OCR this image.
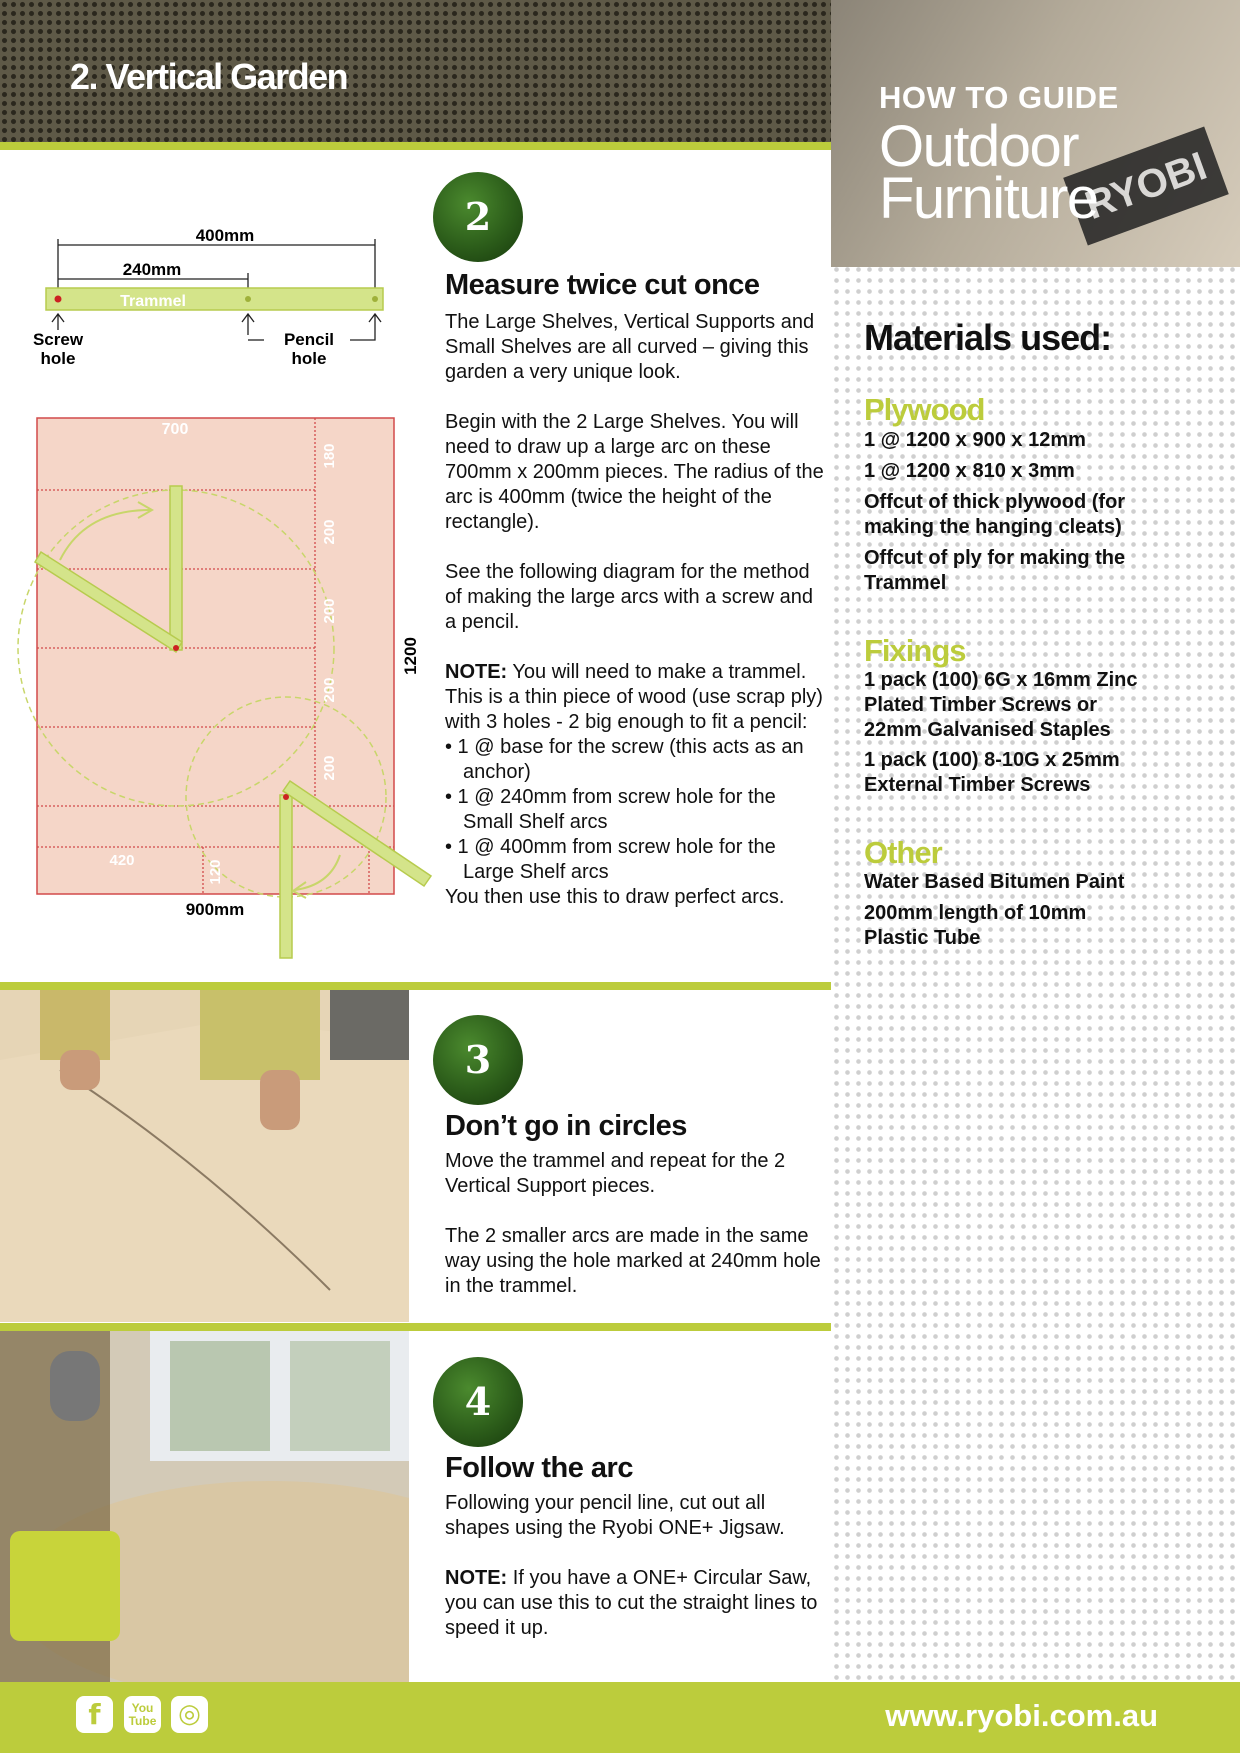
2. Vertical Garden
RYOBI
HOW TO GUIDE
Outdoor
Furniture
Materials used:
Plywood
1 @ 1200 x 900 x 12mm
1 @ 1200 x 810 x 3mm
Offcut of thick plywood (for making the hanging cleats)
Offcut of ply for making the Trammel
Fixings
1 pack (100) 6G x 16mm Zinc Plated Timber Screws or 22mm Galvanised Staples
1 pack (100) 8-10G x 25mm External Timber Screws
Other
Water Based Bitumen Paint
200mm length of 10mm Plastic Tube
400mm
240mm
Trammel
Screw
hole
Pencil
hole
700
180
200
200
200
200
420	120
1200
900mm
2
Measure twice cut once

The Large Shelves, Vertical Supports and Small Shelves are all curved – giving this garden a very unique look.

Begin with the 2 Large Shelves. You will need to draw up a large arc on these 700mm x 200mm pieces. The radius of the arc is 400mm (twice the height of the rectangle).

See the following diagram for the method of making the large arcs with a screw and a pencil.

NOTE: You will need to make a trammel. This is a thin piece of wood (use scrap ply) with 3 holes - 2 big enough to fit a pencil:
• 1 @ base for the screw (this acts as an anchor)
• 1 @ 240mm from screw hole for the Small Shelf arcs
• 1 @ 400mm from screw hole for the Large Shelf arcs
You then use this to draw perfect arcs.
3
Don’t go in circles

Move the trammel and repeat for the 2 Vertical Support pieces.

The 2 smaller arcs are made in the same way using the hole marked at 240mm hole in the trammel.

4
Follow the arc

Following your pencil line, cut out all shapes using the Ryobi ONE+ Jigsaw.

NOTE: If you have a ONE+ Circular Saw, you can use this to cut the straight lines to speed it up.
f	You Tube ◎	www.ryobi.com.au
